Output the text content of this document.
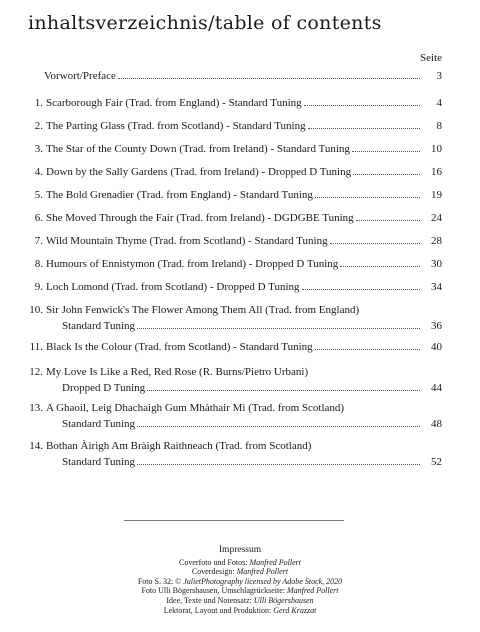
inhaltsverzeichnis/table of contents
Seite
Vorwort/Preface	3
1. Scarborough Fair (Trad. from England) - Standard Tuning	4
2. The Parting Glass (Trad. from Scotland) - Standard Tuning	8
3. The Star of the County Down (Trad. from Ireland) - Standard Tuning	10
4. Down by the Sally Gardens (Trad. from Ireland) - Dropped D Tuning	16
5. The Bold Grenadier (Trad. from England) - Standard Tuning	19
6. She Moved Through the Fair (Trad. from Ireland) - DGDGBE Tuning	24
7. Wild Mountain Thyme (Trad. from Scotland) - Standard Tuning	28
8. Humours of Ennistymon (Trad. from Ireland) - Dropped D Tuning	30
9. Loch Lomond (Trad. from Scotland) - Dropped D Tuning	34
10. Sir John Fenwick's The Flower Among Them All (Trad. from England)
Standard Tuning	36
11. Black Is the Colour (Trad. from Scotland) - Standard Tuning	40
12. My Love Is Like a Red, Red Rose (R. Burns/Pietro Urbani)
Dropped D Tuning	44
13. A Ghaoil, Leig Dhachaigh Gum Mhàthair Mi (Trad. from Scotland)
Standard Tuning	48
14. Bothan Àirigh Am Bràigh Raithneach (Trad. from Scotland)
Standard Tuning	52
Impressum
Coverfoto und Fotos: Manfred Pollert
Coverdesign: Manfred Pollert
Foto S. 32: © JulietPhotography licensed by Adobe Stock, 2020
Foto Ulli Bögershausen, Umschlagrückseite: Manfred Pollert
Idee, Texte und Notensatz: Ulli Bögershausen
Lektorat, Layout und Produktion: Gerd Krazzat
